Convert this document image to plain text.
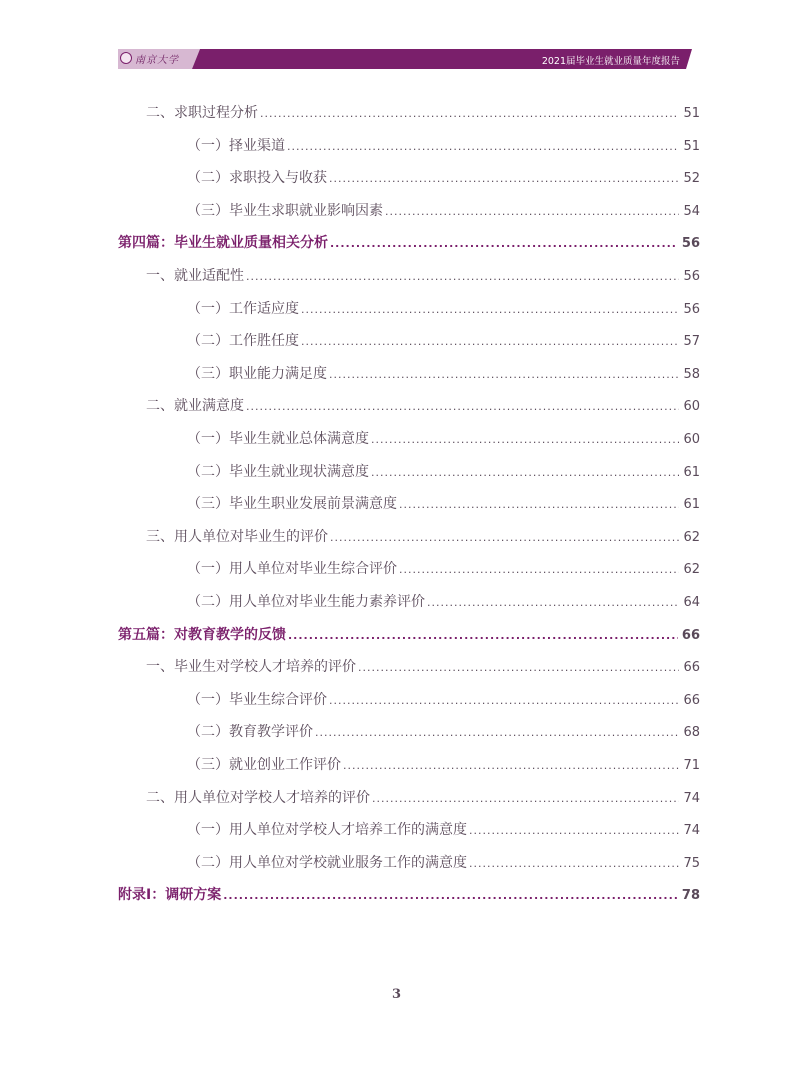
南京大学	2021届毕业生就业质量年度报告
二、求职过程分析 .....	51
（一）择业渠道 .....	51
（二）求职投入与收获 .....	52
（三）毕业生求职就业影响因素 .....	54
第四篇：毕业生就业质量相关分析 .....	56
一、就业适配性 .....	56
（一）工作适应度 .....	56
（二）工作胜任度 .....	57
（三）职业能力满足度 .....	58
二、就业满意度 .....	60
（一）毕业生就业总体满意度 .....	60
（二）毕业生就业现状满意度 .....	61
（三）毕业生职业发展前景满意度 .....	61
三、用人单位对毕业生的评价 .....	62
（一）用人单位对毕业生综合评价 .....	62
（二）用人单位对毕业生能力素养评价 .....	64
第五篇：对教育教学的反馈 .....	66
一、毕业生对学校人才培养的评价 .....	66
（一）毕业生综合评价 .....	66
（二）教育教学评价 .....	68
（三）就业创业工作评价 .....	71
二、用人单位对学校人才培养的评价 .....	74
（一）用人单位对学校人才培养工作的满意度 .....	74
（二）用人单位对学校就业服务工作的满意度 .....	75
附录Ⅰ：调研方案 .....	78
3
